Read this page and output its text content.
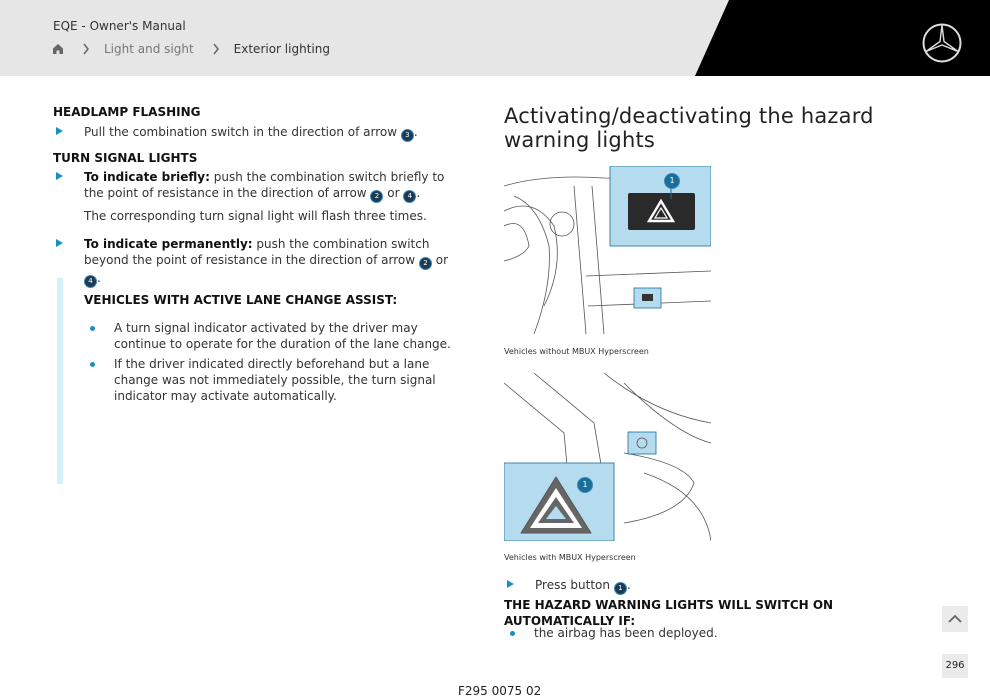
EQE - Owner's Manual
Light and sight	Exterior lighting

HEADLAMP FLASHING

Pull the combination switch in the direction of arrow 3 .

TURN SIGNAL LIGHTS

To indicate briefly: push the combination switch briefly to the point of resistance in the direction of arrow 2 or 4 .
The corresponding turn signal light will flash three times.
To indicate permanently: push the combination switch beyond the point of resistance in the direction of arrow 2 or 4 .
VEHICLES WITH ACTIVE LANE CHANGE ASSIST:
A turn signal indicator activated by the driver may continue to operate for the duration of the lane change.
If the driver indicated directly beforehand but a lane change was not immediately possible, the turn signal indicator may activate automatically.
Activating/deactivating the hazard warning lights
1
Vehicles without MBUX Hyperscreen
1
Vehicles with MBUX Hyperscreen
Press button 1 .
THE HAZARD WARNING LIGHTS WILL SWITCH ON AUTOMATICALLY IF:
the airbag has been deployed.
296
F295 0075 02
